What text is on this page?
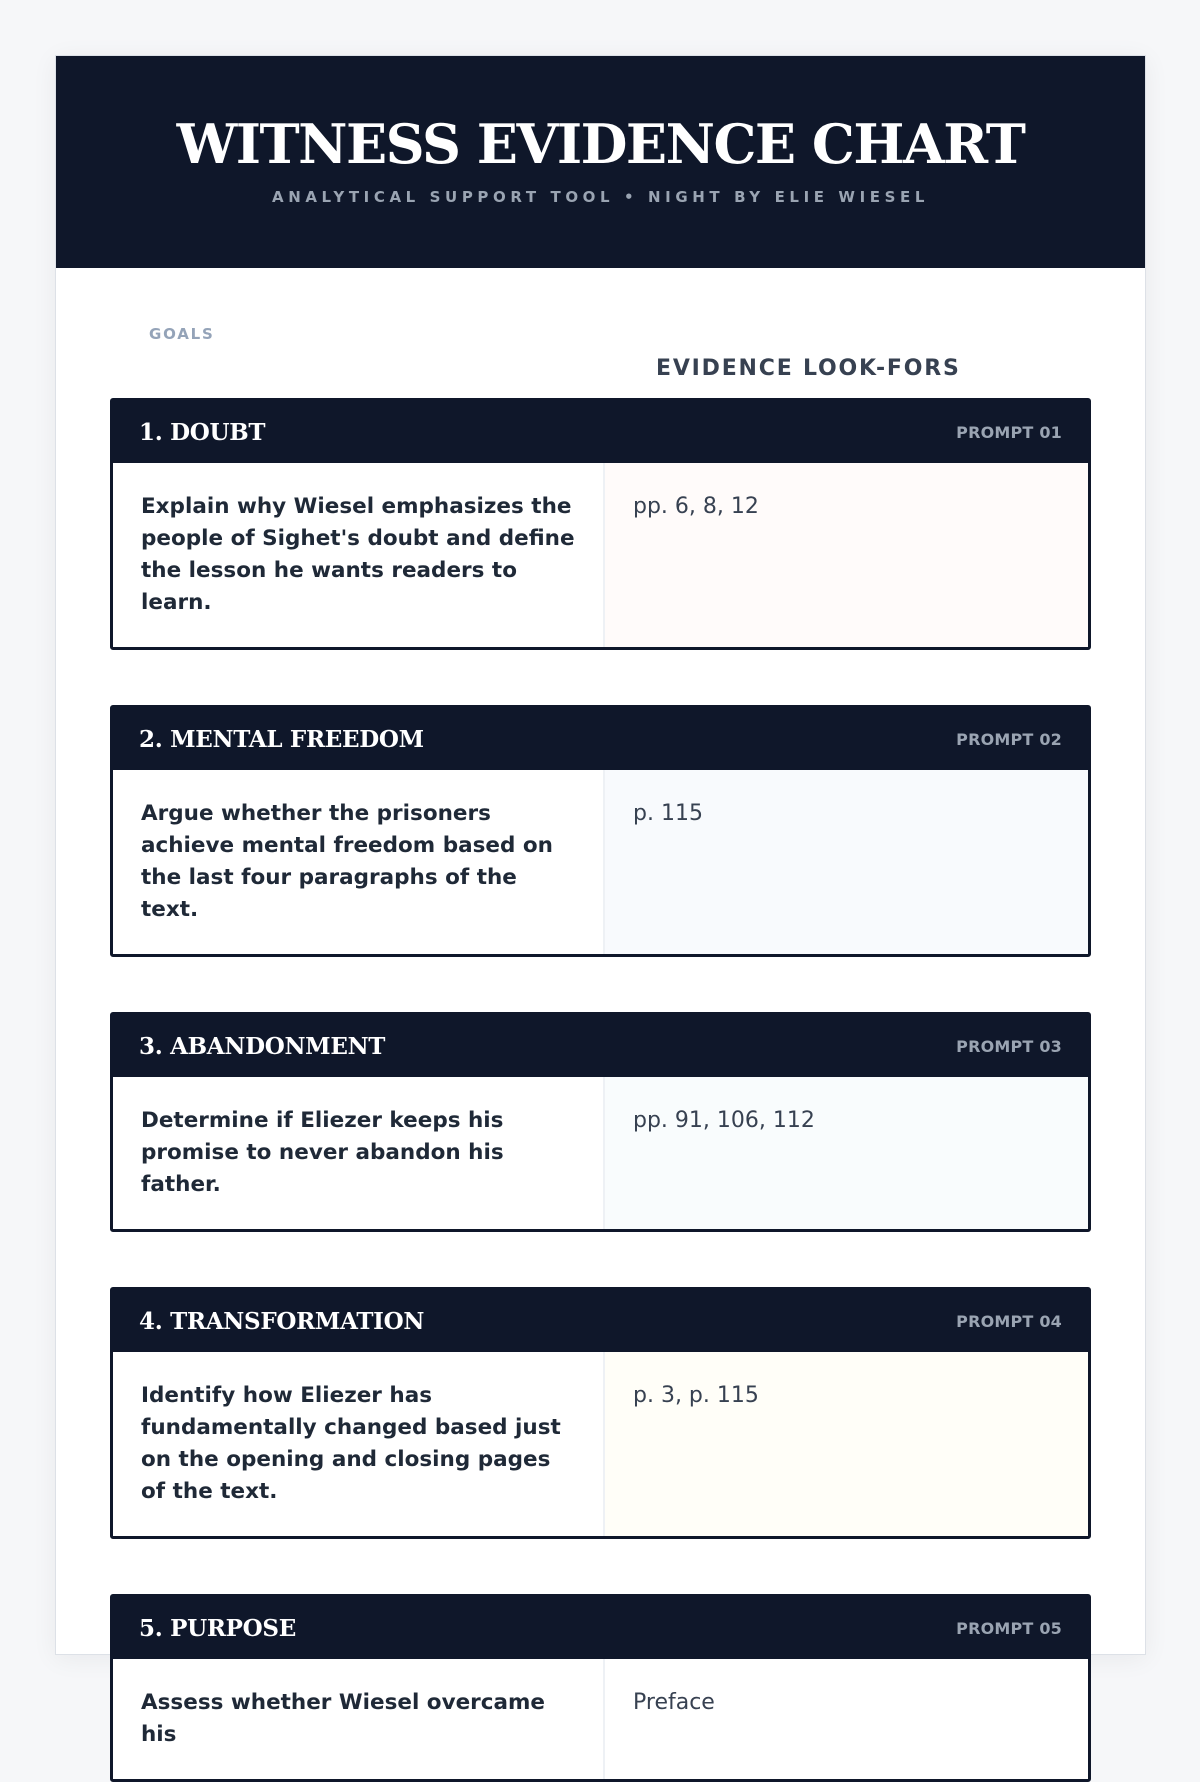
WITNESS EVIDENCE CHART
ANALYTICAL SUPPORT TOOL • NIGHT BY ELIE WIESEL
GOALS
EVIDENCE LOOK-FORS
1. DOUBT	PROMPT 01
Explain why Wiesel emphasizes the people of Sighet's doubt and define the lesson he wants readers to learn.
pp. 6, 8, 12
2. MENTAL FREEDOM	PROMPT 02
Argue whether the prisoners achieve mental freedom based on the last four paragraphs of the text.
p. 115
3. ABANDONMENT	PROMPT 03
Determine if Eliezer keeps his promise to never abandon his father.
pp. 91, 106, 112
4. TRANSFORMATION	PROMPT 04
Identify how Eliezer has fundamentally changed based just on the opening and closing pages of the text.
p. 3, p. 115
5. PURPOSE	PROMPT 05
Assess whether Wiesel overcame his
Preface
